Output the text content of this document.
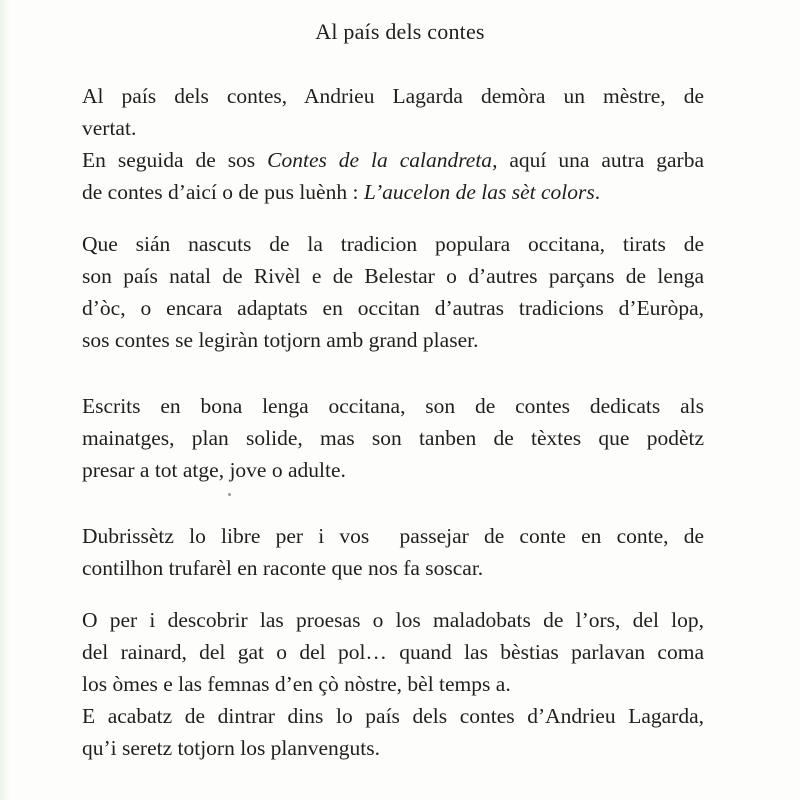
Al país dels contes
Al país dels contes, Andrieu Lagarda demòra un mèstre, de
vertat.
En seguida de sos Contes de la calandreta, aquí una autra garba
de contes d’aicí o de pus luènh : L’aucelon de las sèt colors.
Que sián nascuts de la tradicion populara occitana, tirats de
son país natal de Rivèl e de Belestar o d’autres parçans de lenga
d’òc, o encara adaptats en occitan d’autras tradicions d’Euròpa,
sos contes se legiràn totjorn amb grand plaser.
Escrits en bona lenga occitana, son de contes dedicats als
mainatges, plan solide, mas son tanben de tèxtes que podètz
presar a tot atge, jove o adulte.
Dubrissètz lo libre per i vos  passejar de conte en conte, de
contilhon trufarèl en raconte que nos fa soscar.
O per i descobrir las proesas o los maladobats de l’ors, del lop,
del rainard, del gat o del pol… quand las bèstias parlavan coma
los òmes e las femnas d’en çò nòstre, bèl temps a.
E acabatz de dintrar dins lo país dels contes d’Andrieu Lagarda,
qu’i seretz totjorn los planvenguts.
